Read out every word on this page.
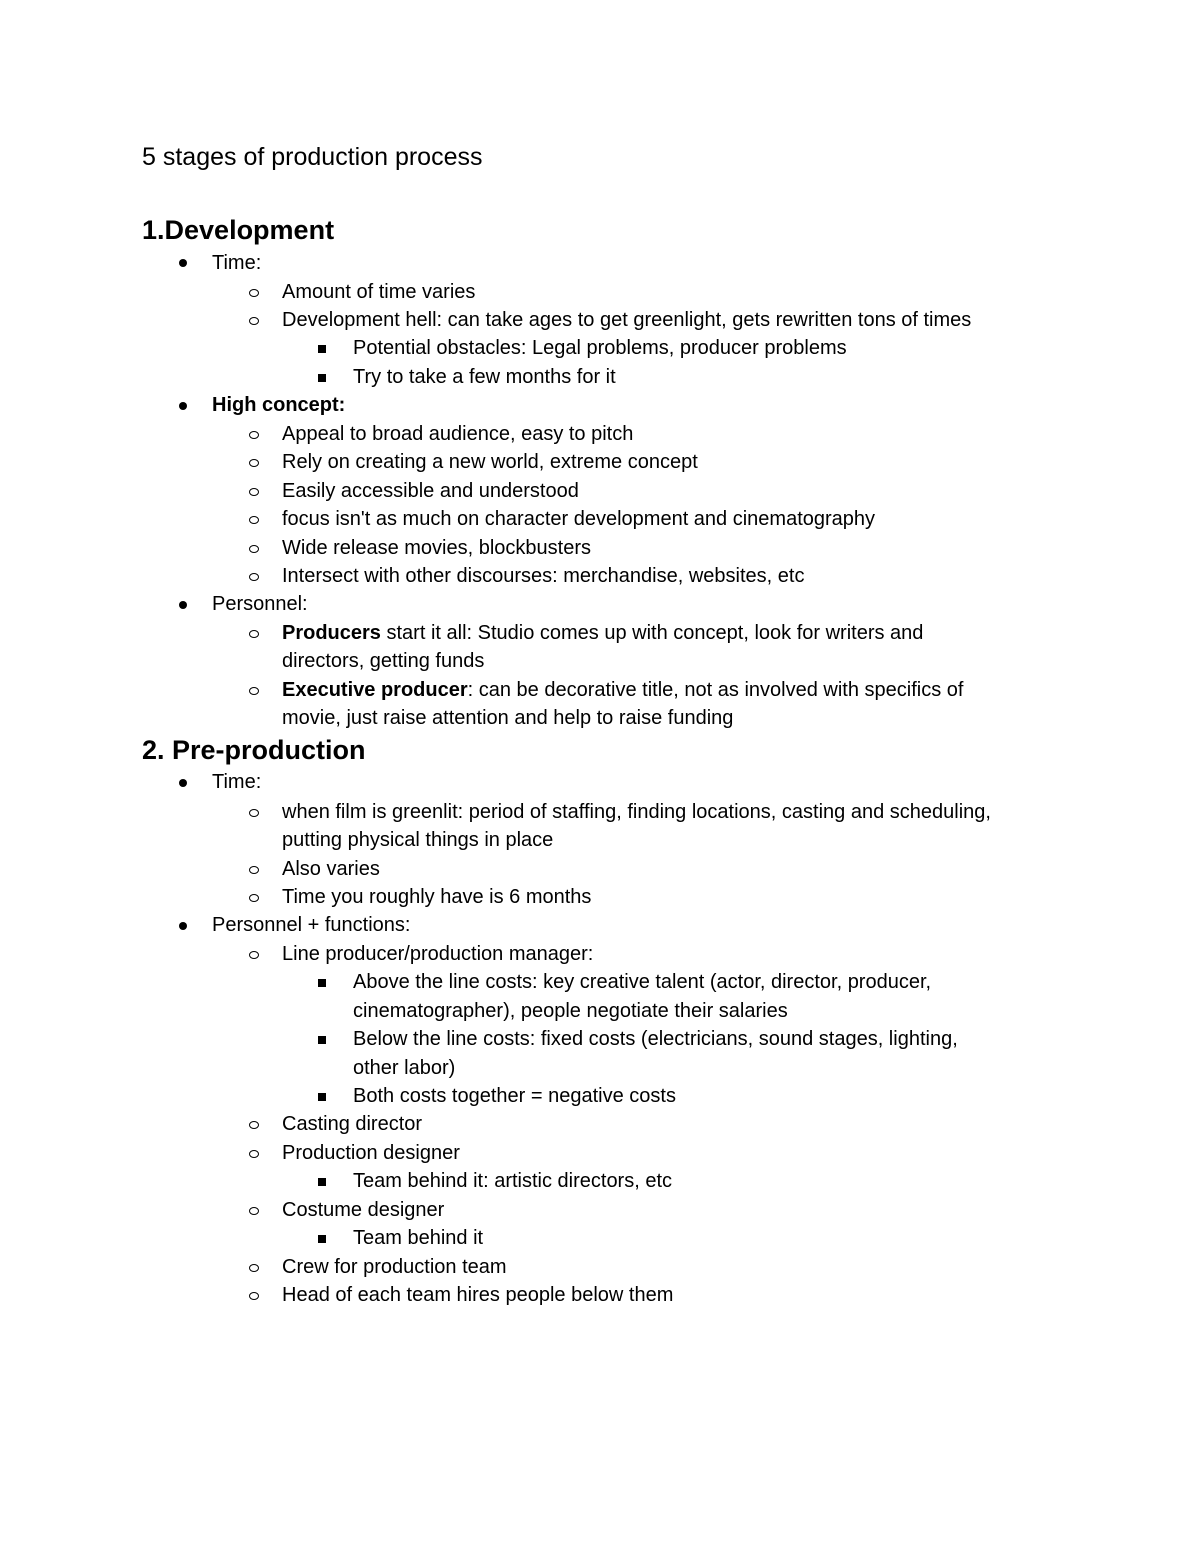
5 stages of production process
1.Development
Time:
Amount of time varies
Development hell: can take ages to get greenlight, gets rewritten tons of times
Potential obstacles: Legal problems, producer problems
Try to take a few months for it
High concept:
Appeal to broad audience, easy to pitch
Rely on creating a new world, extreme concept
Easily accessible and understood
focus isn't as much on character development and cinematography
Wide release movies, blockbusters
Intersect with other discourses: merchandise, websites, etc
Personnel:
Producers start it all: Studio comes up with concept, look for writers and
directors, getting funds
Executive producer: can be decorative title, not as involved with specifics of
movie, just raise attention and help to raise funding
2. Pre-production
Time:
when film is greenlit: period of staffing, finding locations, casting and scheduling,
putting physical things in place
Also varies
Time you roughly have is 6 months
Personnel + functions:
Line producer/production manager:
Above the line costs: key creative talent (actor, director, producer,
cinematographer), people negotiate their salaries
Below the line costs: fixed costs (electricians, sound stages, lighting,
other labor)
Both costs together = negative costs
Casting director
Production designer
Team behind it: artistic directors, etc
Costume designer
Team behind it
Crew for production team
Head of each team hires people below them
